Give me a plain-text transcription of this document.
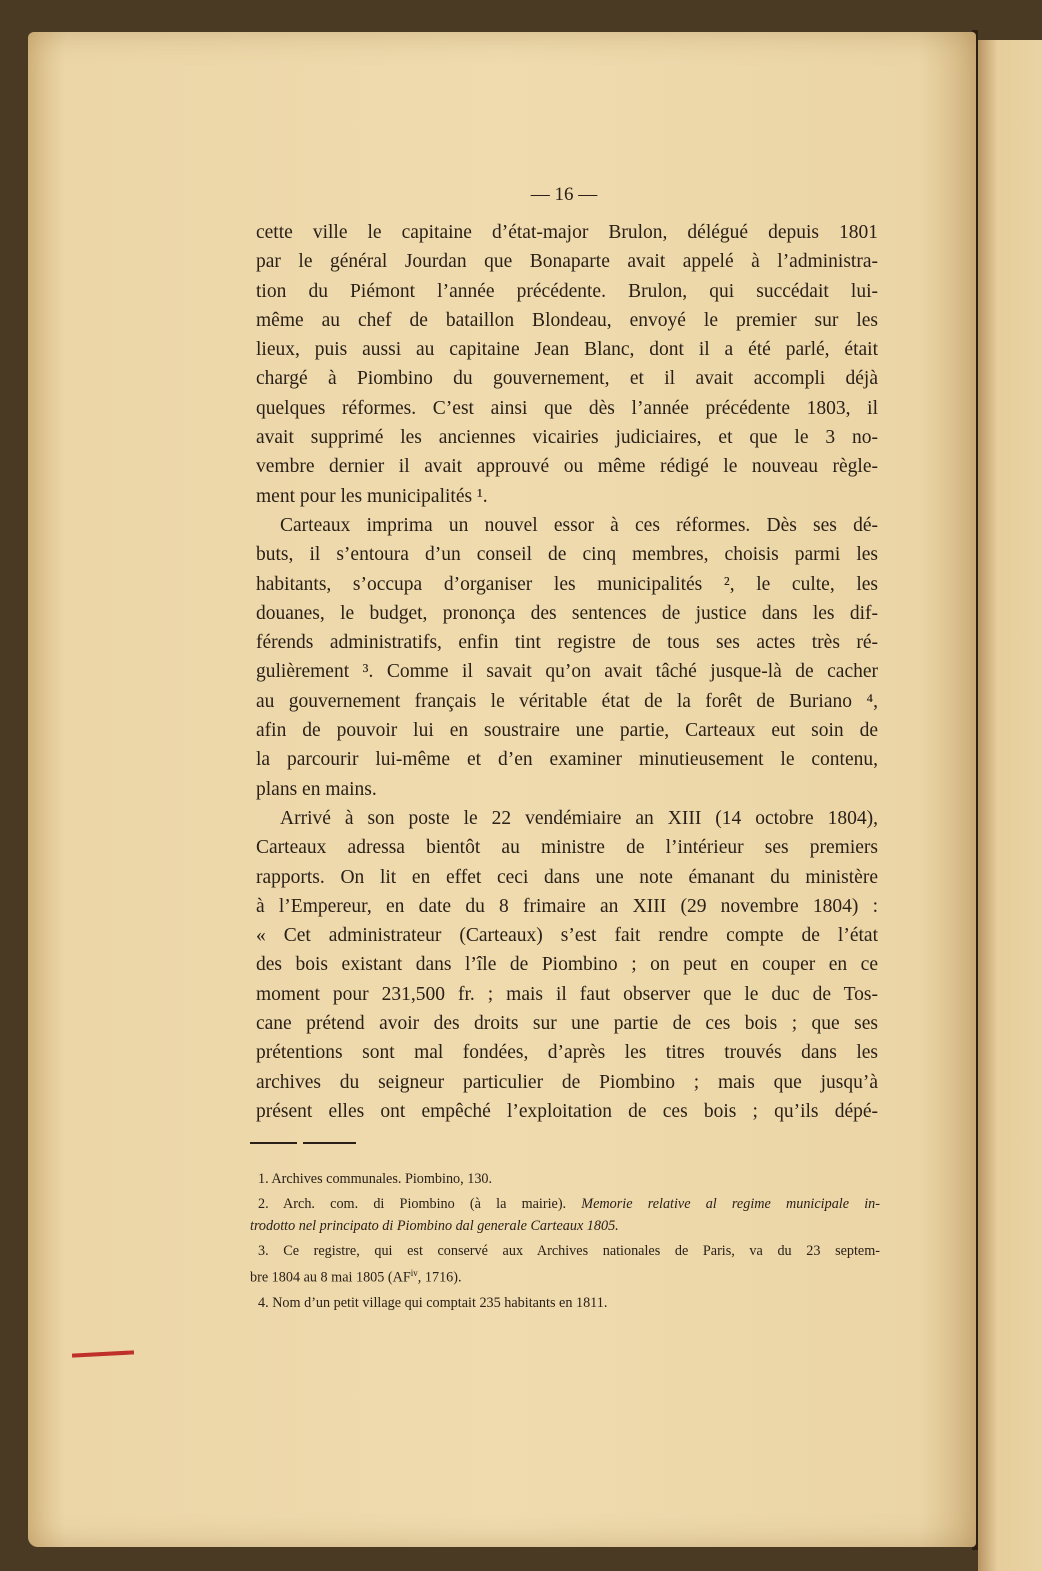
— 16 —
cette ville le capitaine d’état-major Brulon, délégué depuis 1801
par le général Jourdan que Bonaparte avait appelé à l’administra-
tion du Piémont l’année précédente. Brulon, qui succédait lui-
même au chef de bataillon Blondeau, envoyé le premier sur les
lieux, puis aussi au capitaine Jean Blanc, dont il a été parlé, était
chargé à Piombino du gouvernement, et il avait accompli déjà
quelques réformes. C’est ainsi que dès l’année précédente 1803, il
avait supprimé les anciennes vicairies judiciaires, et que le 3 no-
vembre dernier il avait approuvé ou même rédigé le nouveau règle-
ment pour les municipalités ¹.
Carteaux imprima un nouvel essor à ces réformes. Dès ses dé-
buts, il s’entoura d’un conseil de cinq membres, choisis parmi les
habitants, s’occupa d’organiser les municipalités ², le culte, les
douanes, le budget, prononça des sentences de justice dans les dif-
férends administratifs, enfin tint registre de tous ses actes très ré-
gulièrement ³. Comme il savait qu’on avait tâché jusque-là de cacher
au gouvernement français le véritable état de la forêt de Buriano ⁴,
afin de pouvoir lui en soustraire une partie, Carteaux eut soin de
la parcourir lui-même et d’en examiner minutieusement le contenu,
plans en mains.
Arrivé à son poste le 22 vendémiaire an XIII (14 octobre 1804),
Carteaux adressa bientôt au ministre de l’intérieur ses premiers
rapports. On lit en effet ceci dans une note émanant du ministère
à l’Empereur, en date du 8 frimaire an XIII (29 novembre 1804) :
« Cet administrateur (Carteaux) s’est fait rendre compte de l’état
des bois existant dans l’île de Piombino ; on peut en couper en ce
moment pour 231,500 fr. ; mais il faut observer que le duc de Tos-
cane prétend avoir des droits sur une partie de ces bois ; que ses
prétentions sont mal fondées, d’après les titres trouvés dans les
archives du seigneur particulier de Piombino ; mais que jusqu’à
présent elles ont empêché l’exploitation de ces bois ; qu’ils dépé-
1. Archives communales. Piombino, 130.
2. Arch. com. di Piombino (à la mairie). Memorie relative al regime municipale in-
trodotto nel principato di Piombino dal generale Carteaux 1805.
3. Ce registre, qui est conservé aux Archives nationales de Paris, va du 23 septem-
bre 1804 au 8 mai 1805 (AF$^{iv}$, 1716).
4. Nom d’un petit village qui comptait 235 habitants en 1811.
